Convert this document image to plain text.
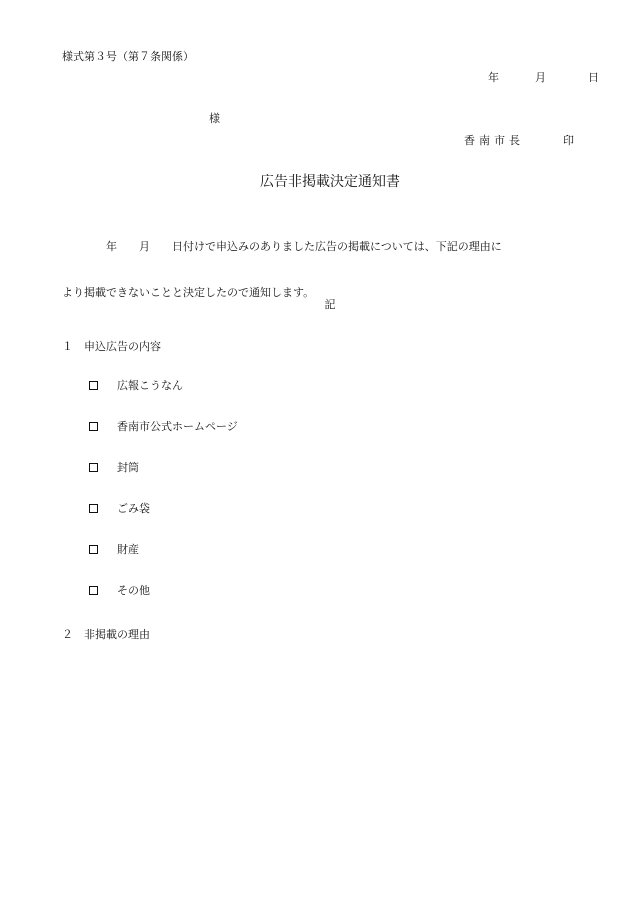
様式第３号（第７条関係）
年	月	日
様
香南市長	印
広告非掲載決定通知書

　　　　年　　月　　日付けで申込みのありました広告の掲載については、下記の理由に

より掲載できないことと決定したので通知します。

記
１　申込広告の内容

広報こうなん

香南市公式ホームページ

封筒

ごみ袋

財産

その他

２　非掲載の理由
